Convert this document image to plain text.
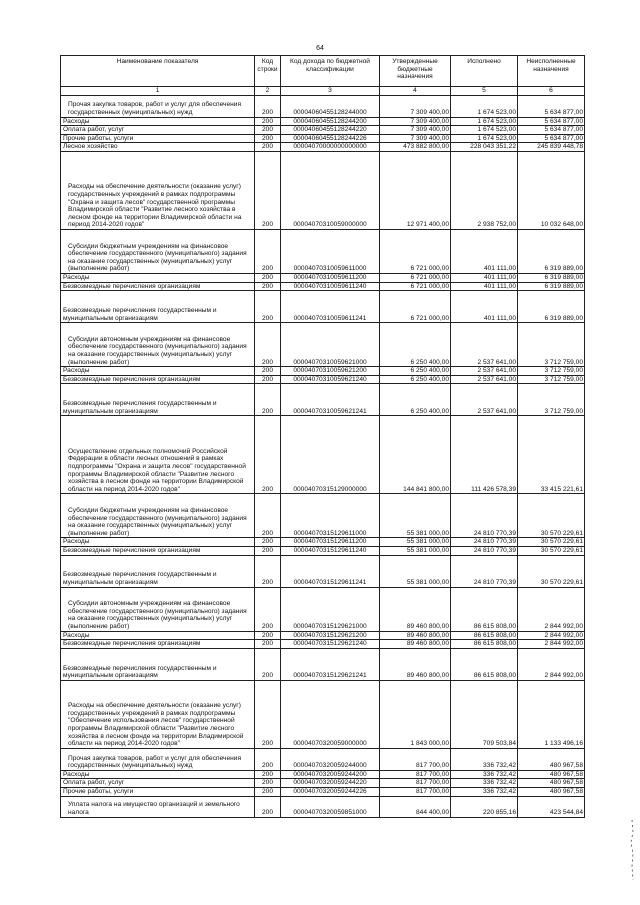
64
Наименование показателя	Код строки	Код дохода по бюджетной классификации	Утвержденные бюджетные назначения	Исполнено	Неисполненные назначения
1	2	3	4	5	6
Прочая закупка товаров, работ и услуг для обеспечения государственных (муниципальных) нужд	200	00004060455128244000	7 309 400,00	1 674 523,00	5 634 877,00
Расходы	200	00004060455128244200	7 309 400,00	1 674 523,00	5 634 877,00
Оплата работ, услуг	200	00004060455128244220	7 309 400,00	1 674 523,00	5 634 877,00
Прочие работы, услуги	200	00004060455128244226	7 309 400,00	1 674 523,00	5 634 877,00
Лесное хозяйство	200	00004070000000000000	473 882 800,00	228 043 351,22	245 839 448,78
Расходы на обеспечение деятельности (оказание услуг) государственных учреждений в рамках подпрограммы "Охрана и защита лесов" государственной программы Владимирской области "Развитие лесного хозяйства в лесном фонде на территории Владимирской области на период 2014-2020 годов"	200	00004070310059000000	12 971 400,00	2 938 752,00	10 032 648,00
Субсидии бюджетным учреждениям на финансовое обеспечение государственного (муниципального) задания на оказание государственных (муниципальных) услуг (выполнение работ)	200	00004070310059611000	6 721 000,00	401 111,00	6 319 889,00
Расходы	200	00004070310059611200	6 721 000,00	401 111,00	6 319 889,00
Безвозмездные перечисления организациям	200	00004070310059611240	6 721 000,00	401 111,00	6 319 889,00
Безвозмездные перечисления государственным и муниципальным организациям	200	00004070310059611241	6 721 000,00	401 111,00	6 319 889,00
Субсидии автономным учреждениям на финансовое обеспечение государственного (муниципального) задания на оказание государственных (муниципальных) услуг (выполнение работ)	200	00004070310059621000	6 250 400,00	2 537 641,00	3 712 759,00
Расходы	200	00004070310059621200	6 250 400,00	2 537 641,00	3 712 759,00
Безвозмездные перечисления организациям	200	00004070310059621240	6 250 400,00	2 537 641,00	3 712 759,00
Безвозмездные перечисления государственным и муниципальным организациям	200	00004070310059621241	6 250 400,00	2 537 641,00	3 712 759,00
Осуществление отдельных полномочий Российской Федерации в области лесных отношений в рамках подпрограммы "Охрана и защита лесов" государственной программы Владимирской области "Развитие лесного хозяйства в лесном фонде на территории Владимирской области на период 2014-2020 годов"	200	00004070315129000000	144 841 800,00	111 426 578,39	33 415 221,61
Субсидии бюджетным учреждениям на финансовое обеспечение государственного (муниципального) задания на оказание государственных (муниципальных) услуг (выполнение работ)	200	00004070315129611000	55 381 000,00	24 810 770,39	30 570 229,61
Расходы	200	00004070315129611200	55 381 000,00	24 810 770,39	30 570 229,61
Безвозмездные перечисления организациям	200	00004070315129611240	55 381 000,00	24 810 770,39	30 570 229,61
Безвозмездные перечисления государственным и муниципальным организациям	200	00004070315129611241	55 381 000,00	24 810 770,39	30 570 229,61
Субсидии автономным учреждениям на финансовое обеспечение государственного (муниципального) задания на оказание государственных (муниципальных) услуг (выполнение работ)	200	00004070315129621000	89 460 800,00	86 615 808,00	2 844 992,00
Расходы	200	00004070315129621200	89 460 800,00	86 615 808,00	2 844 992,00
Безвозмездные перечисления организациям	200	00004070315129621240	89 460 800,00	86 615 808,00	2 844 992,00
Безвозмездные перечисления государственным и муниципальным организациям	200	00004070315129621241	89 460 800,00	86 615 808,00	2 844 992,00
Расходы на обеспечение деятельности (оказание услуг) государственных учреждений в рамках подпрограммы "Обеспечение использования лесов" государственной программы Владимирской области "Развитие лесного хозяйства в лесном фонде на территории Владимирской области на период 2014-2020 годов"	200	00004070320059000000	1 843 000,00	709 503,84	1 133 496,16
Прочая закупка товаров, работ и услуг для обеспечения государственных (муниципальных) нужд	200	00004070320059244000	817 700,00	336 732,42	480 967,58
Расходы	200	00004070320059244200	817 700,00	336 732,42	480 967,58
Оплата работ, услуг	200	00004070320059244220	817 700,00	336 732,42	480 967,58
Прочие работы, услуги	200	00004070320059244226	817 700,00	336 732,42	480 967,58
Уплата налога на имущество организаций и земельного налога	200	00004070320059851000	844 400,00	220 855,16	423 544,84
